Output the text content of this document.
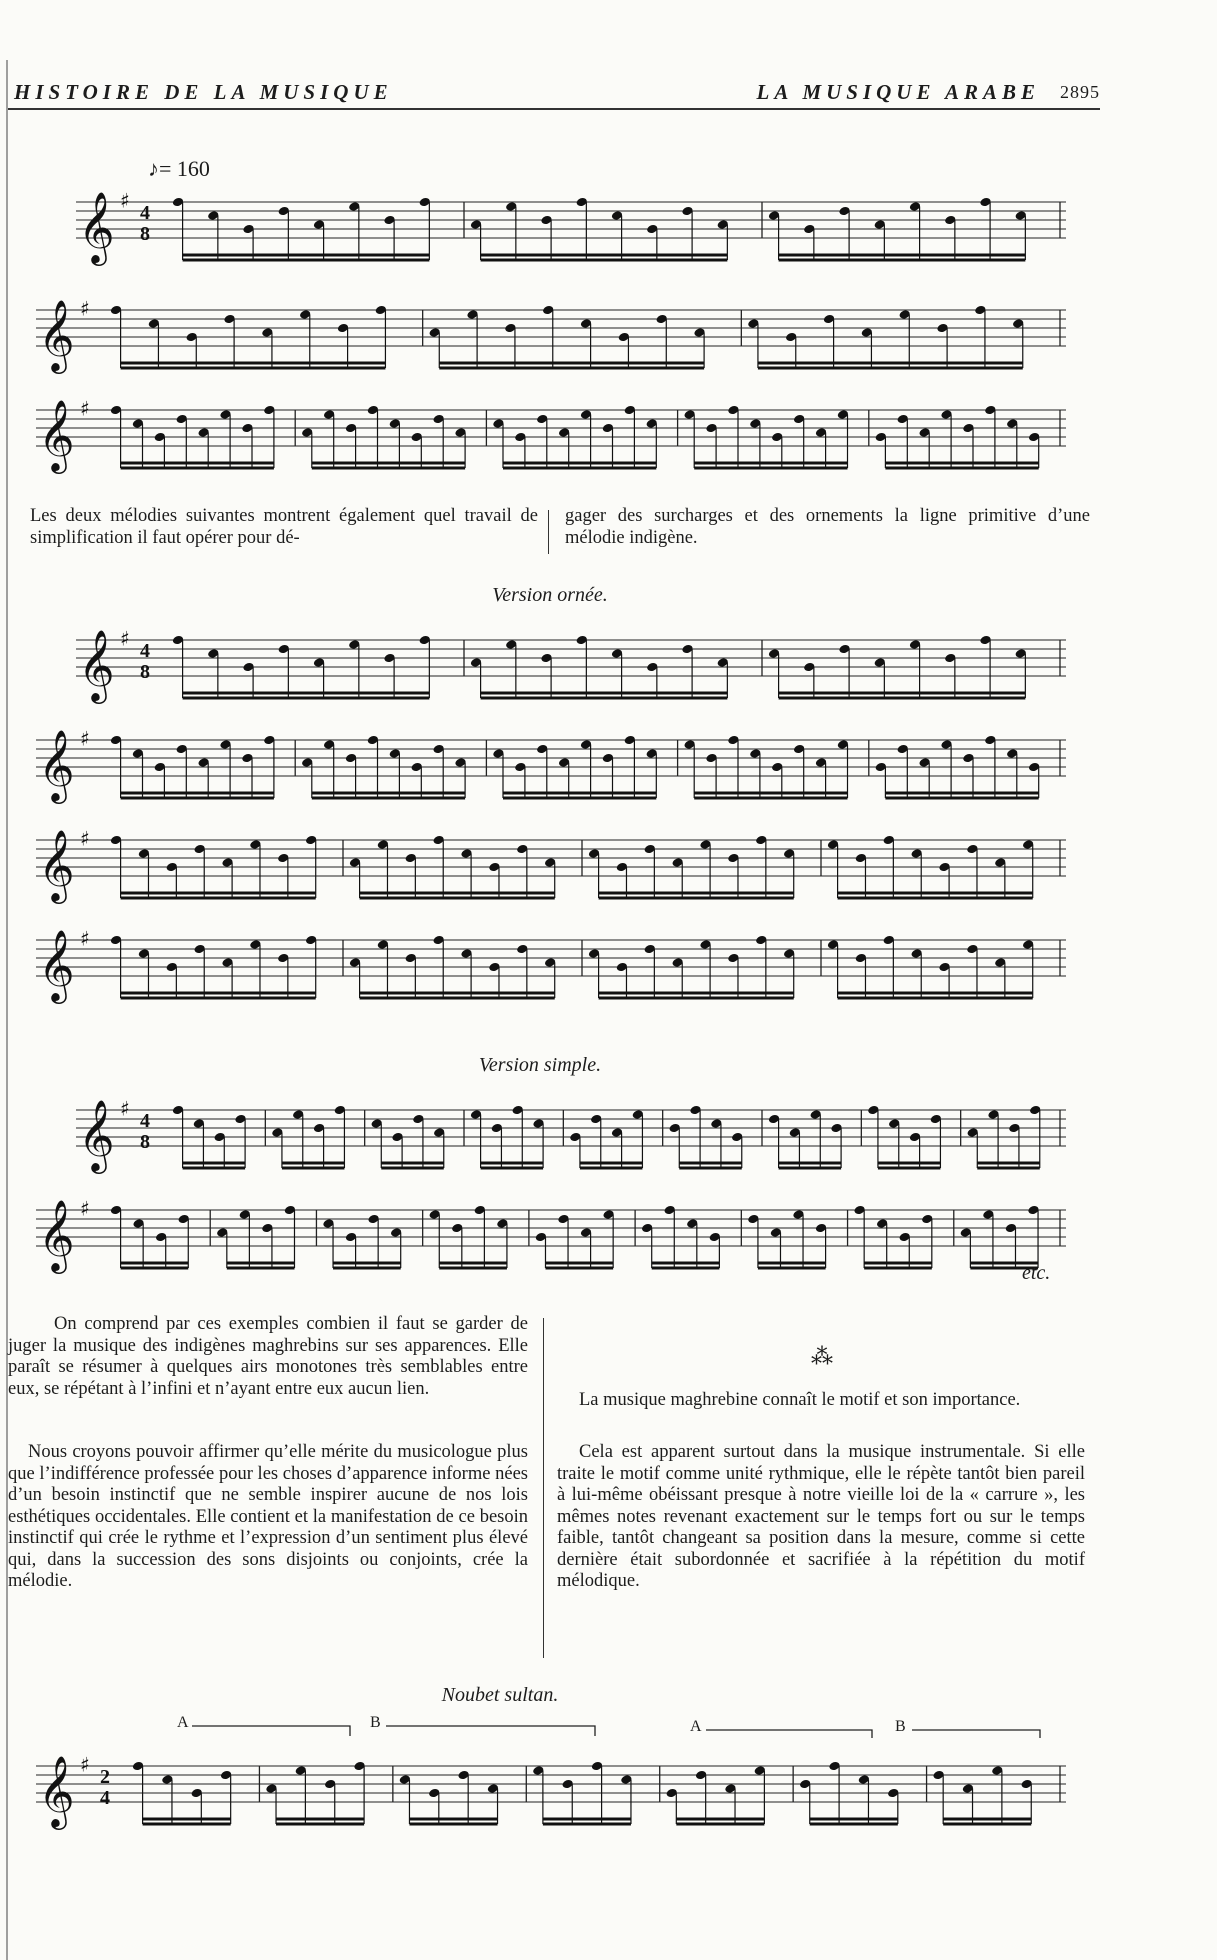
HISTOIRE DE LA MUSIQUE	LA MUSIQUE ARABE 2895
♪= 160
𝄞 ♯
4
8
𝄞 ♯
𝄞 ♯
Les deux mélodies suivantes montrent également quel travail de simplification il faut opérer pour dé-
gager des surcharges et des ornements la ligne primitive d’une mélodie indigène.
Version ornée.
𝄞 ♯
4
8
𝄞 ♯
𝄞 ♯
𝄞 ♯
Version simple.
𝄞 ♯
4
8
𝄞 ♯
etc.
On comprend par ces exemples combien il faut se garder de juger la musique des indigènes maghrebins sur ses apparences. Elle paraît se résumer à quelques airs monotones très semblables entre eux, se répétant à l’infini et n’ayant entre eux aucun lien.
Nous croyons pouvoir affirmer qu’elle mérite du musicologue plus que l’indifférence professée pour les choses d’apparence informe nées d’un besoin instinctif que ne semble inspirer aucune de nos lois esthétiques occidentales. Elle contient et la manifestation de ce besoin instinctif qui crée le rythme et l’expression d’un sentiment plus élevé qui, dans la succession des sons disjoints ou conjoints, crée la mélodie.
⁂
La musique maghrebine connaît le motif et son importance.
Cela est apparent surtout dans la musique instrumentale. Si elle traite le motif comme unité rythmique, elle le répète tantôt bien pareil à lui-même obéissant presque à notre vieille loi de la « carrure », les mêmes notes revenant exactement sur le temps fort ou sur le temps faible, tantôt changeant sa position dans la mesure, comme si cette dernière était subordonnée et sacrifiée à la répétition du motif mélodique.
Noubet sultan.
A	B	A	B
𝄞 ♯
2
4
